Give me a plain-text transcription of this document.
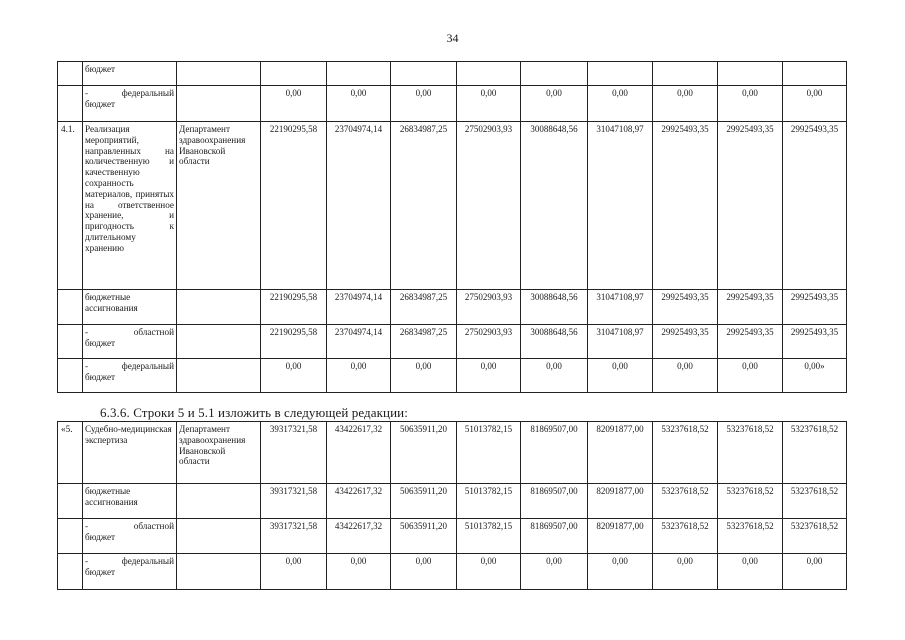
34
	бюджет										

	- федеральный
бюджет		0,00	0,00	0,00	0,00	0,00	0,00	0,00	0,00	0,00
4.1.	Реализация мероприятий, направленных на количественную и качественную сохранность материалов, принятых на ответственное хранение, и пригодность к длительному хранению	Департамент здравоохранения Ивановской области	22190295,58	23704974,14	26834987,25	27502903,93	30088648,56	31047108,97	29925493,35	29925493,35	29925493,35
	бюджетные ассигнования		22190295,58	23704974,14	26834987,25	27502903,93	30088648,56	31047108,97	29925493,35	29925493,35	29925493,35

	- областной
бюджет		22190295,58	23704974,14	26834987,25	27502903,93	30088648,56	31047108,97	29925493,35	29925493,35	29925493,35

	- федеральный
бюджет		0,00	0,00	0,00	0,00	0,00	0,00	0,00	0,00	0,00»
6.3.6. Строки 5 и 5.1 изложить в следующей редакции:
«5.	Судебно-медицинская экспертиза	Департамент здравоохранения Ивановской области	39317321,58	43422617,32	50635911,20	51013782,15	81869507,00	82091877,00	53237618,52	53237618,52	53237618,52
	бюджетные ассигнования		39317321,58	43422617,32	50635911,20	51013782,15	81869507,00	82091877,00	53237618,52	53237618,52	53237618,52

	- областной
бюджет		39317321,58	43422617,32	50635911,20	51013782,15	81869507,00	82091877,00	53237618,52	53237618,52	53237618,52

	- федеральный
бюджет		0,00	0,00	0,00	0,00	0,00	0,00	0,00	0,00	0,00
